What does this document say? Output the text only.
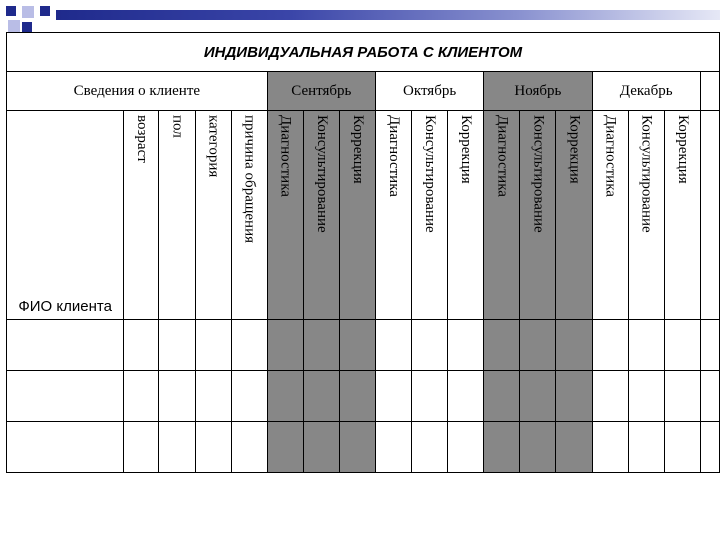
ИНДИВИДУАЛЬНАЯ РАБОТА С КЛИЕНТОМ																	
Сведения о клиенте					Сентябрь			Октябрь			Ноябрь			Декабрь			

ФИО клиента	возраст	пол	категория	причина обращения	Диагностика	Консультирование	Коррекция	Диагностика	Консультирование	Коррекция	Диагностика	Консультирование	Коррекция	Диагностика	Консультирование	Коррекция	
